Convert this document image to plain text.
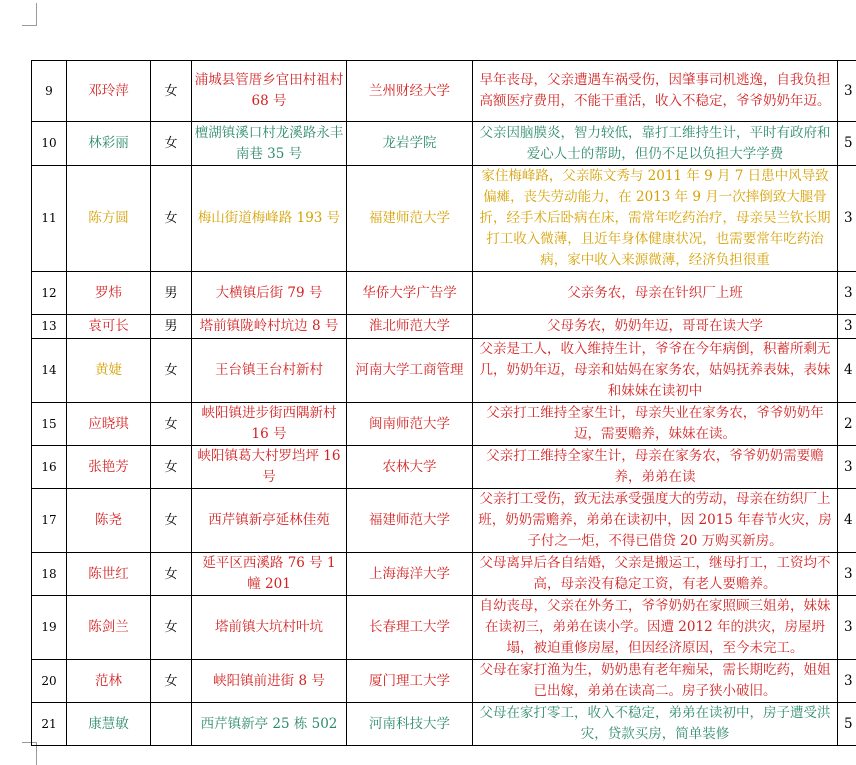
9	邓玲萍	女	浦城县管厝乡官田村祖村 68 号	兰州财经大学	早年丧母，父亲遭遇车祸受伤，因肇事司机逃逸，自我负担高额医疗费用，不能干重活，收入不稳定，爷爷奶奶年迈。	3
10	林彩丽	女	檀湖镇溪口村龙溪路永丰南巷 35 号	龙岩学院	父亲因脑膜炎，智力较低，靠打工维持生计，平时有政府和爱心人士的帮助，但仍不足以负担大学学费	5
11	陈方圆	女	梅山街道梅峰路 193 号	福建师范大学	家住梅峰路，父亲陈文秀与 2011 年 9 月 7 日患中风导致偏瘫，丧失劳动能力，在 2013 年 9 月一次摔倒致大腿骨折，经手术后卧病在床，需常年吃药治疗，母亲吴兰钦长期打工收入微薄，且近年身体健康状况，也需要常年吃药治病，家中收入来源微薄，经济负担很重	3
12	罗炜	男	大横镇后街 79 号	华侨大学广告学	父亲务农，母亲在针织厂上班	3
13	袁可长	男	塔前镇陇岭村坑边 8 号	淮北师范大学	父母务农，奶奶年迈，哥哥在读大学	3
14	黄婕	女	王台镇王台村新村	河南大学工商管理	父亲是工人，收入维持生计，爷爷在今年病倒，积蓄所剩无几，奶奶年迈，母亲和姑妈在家务农，姑妈抚养表妹，表妹和妹妹在读初中	4
15	应晓琪	女	峡阳镇进步街西隅新村 16 号	闽南师范大学	父亲打工维持全家生计，母亲失业在家务农，爷爷奶奶年迈，需要赡养，妹妹在读。	2
16	张艳芳	女	峡阳镇葛大村罗垱坪 16 号	农林大学	父亲打工维持全家生计，母亲在家务农，爷爷奶奶需要赡养，弟弟在读	3
17	陈尧	女	西芹镇新亭延林佳苑	福建师范大学	父亲打工受伤，致无法承受强度大的劳动，母亲在纺织厂上班，奶奶需赡养，弟弟在读初中，因 2015 年春节火灾，房子付之一炬，不得已借贷 20 万购买新房。	4
18	陈世红	女	延平区西溪路 76 号 1 幢 201	上海海洋大学	父母离异后各自结婚，父亲是搬运工，继母打工，工资均不高，母亲没有稳定工资，有老人要赡养。	3
19	陈剑兰	女	塔前镇大坑村叶坑	长春理工大学	自幼丧母，父亲在外务工，爷爷奶奶在家照顾三姐弟，妹妹在读初三，弟弟在读小学。因遭 2012 年的洪灾，房屋坍塌，被迫重修房屋，但因经济原因，至今未完工。	3
20	范林	女	峡阳镇前进街 8 号	厦门理工大学	父母在家打渔为生，奶奶患有老年痴呆，需长期吃药，姐姐已出嫁，弟弟在读高二。房子狭小破旧。	3
21	康慧敏		西芹镇新亭 25 栋 502	河南科技大学	父母在家打零工，收入不稳定，弟弟在读初中，房子遭受洪灾，贷款买房，简单装修	5
